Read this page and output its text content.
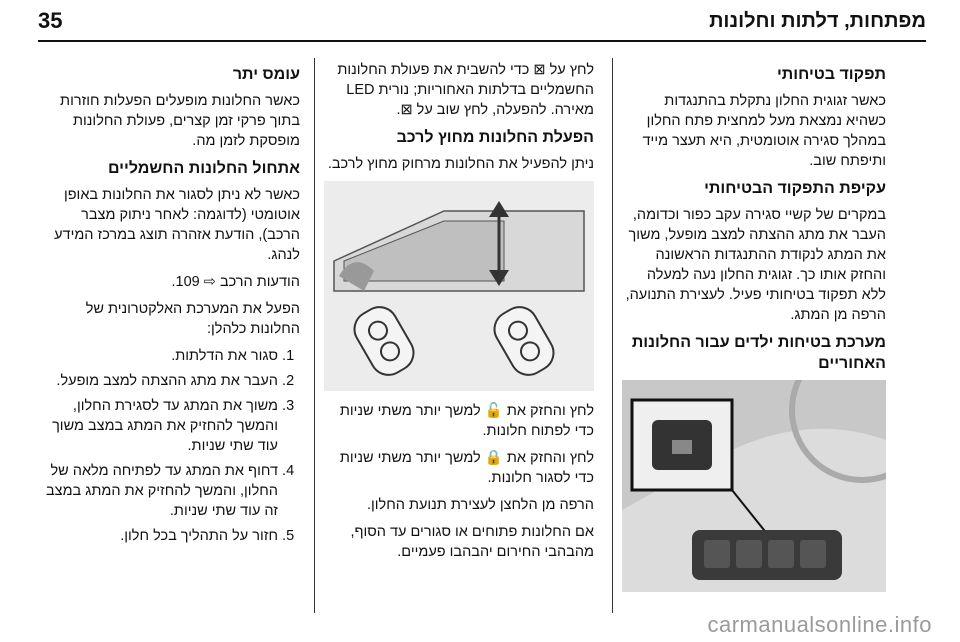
35	מפתחות, דלתות וחלונות
תפקוד בטיחותי

כאשר זגוגית החלון נתקלת בהתנגדות כשהיא נמצאת מעל למחצית פתח החלון במהלך סגירה אוטומטית, היא תעצר מייד ותיפתח שוב.

עקיפת התפקוד הבטיחותי

במקרים של קשיי סגירה עקב כפור וכדומה, העבר את מתג ההצתה למצב מופעל, משוך את המתג לנקודת ההתנגדות הראשונה והחזק אותו כך. זגוגית החלון נעה למעלה ללא תפקוד בטיחותי פעיל. לעצירת התנועה, הרפה מן המתג.

מערכת בטיחות ילדים עבור החלונות האחוריים

לחץ על ⊠ כדי להשבית את פעולת החלונות החשמליים בדלתות האחוריות; נורית LED מאירה. להפעלה, לחץ שוב על ⊠.

הפעלת החלונות מחוץ לרכב

ניתן להפעיל את החלונות מרחוק מחוץ לרכב.

לחץ והחזק את 🔓 למשך יותר משתי שניות כדי לפתוח חלונות.

לחץ והחזק את 🔒 למשך יותר משתי שניות כדי לסגור חלונות.

הרפה מן הלחצן לעצירת תנועת החלון.

אם החלונות פתוחים או סגורים עד הסוף, מהבהבי החירום יהבהבו פעמיים.

עומס יתר

כאשר החלונות מופעלים הפעלות חוזרות בתוך פרקי זמן קצרים, פעולת החלונות מופסקת לזמן מה.

אתחול החלונות החשמליים

כאשר לא ניתן לסגור את החלונות באופן אוטומטי (לדוגמה: לאחר ניתוק מצבר הרכב), הודעת אזהרה תוצג במרכז המידע לנהג.

הודעות הרכב ⇨ 109.

הפעל את המערכת האלקטרונית של החלונות כלהלן:

1. סגור את הדלתות.
2. העבר את מתג ההצתה למצב מופעל.
3. משוך את המתג עד לסגירת החלון, והמשך להחזיק את המתג במצב משוך עוד שתי שניות.
4. דחוף את המתג עד לפתיחה מלאה של החלון, והמשך להחזיק את המתג במצב זה עוד שתי שניות.
5. חזור על התהליך בכל חלון.
carmanualsonline.info
